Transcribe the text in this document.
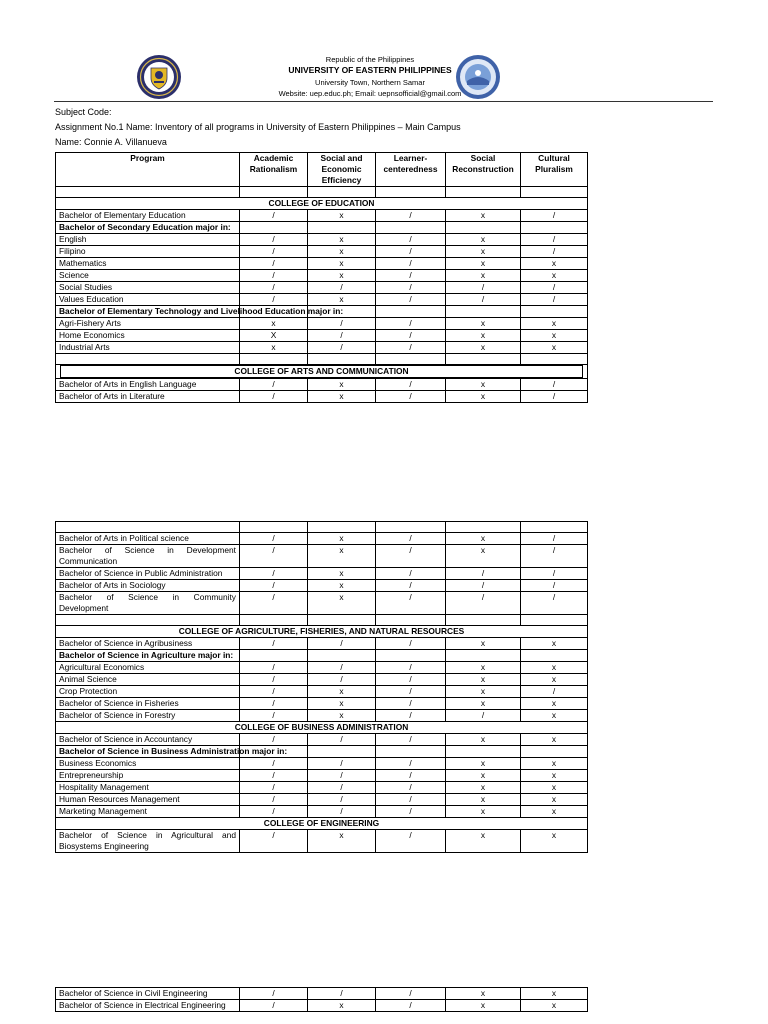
Republic of the Philippines
UNIVERSITY OF EASTERN PHILIPPINES
University Town, Northern Samar
Website: uep.educ.ph; Email: uepnsofficial@gmail.com
Subject Code:
Assignment No.1 Name: Inventory of all programs in University of Eastern Philippines – Main Campus
Name: Connie A. Villanueva
Program	Academic Rationalism	Social and Economic Efficiency	Learner-centeredness	Social Reconstruction	Cultural Pluralism

COLLEGE OF EDUCATION					
Bachelor of Elementary Education	/	x	/	x	/
Bachelor of Secondary Education major in:					
English	/	x	/	x	/
Filipino	/	x	/	x	/
Mathematics	/	x	/	x	x
Science	/	x	/	x	x
Social Studies	/	/	/	/	/
Values Education	/	x	/	/	/
Bachelor of Elementary Technology and Livelihood Education major in:					
Agri-Fishery Arts	x	/	/	x	x
Home Economics	X	/	/	x	x
Industrial Arts	x	/	/	x	x

COLLEGE OF ARTS AND COMMUNICATION					

Bachelor of Arts in English Language	/	x	/	x	/
Bachelor of Arts in Literature	/	x	/	x	/

Bachelor of Arts in Political science	/	x	/	x	/
Bachelor of Science in Development Communication	/	x	/	x	/
Bachelor of Science in Public Administration	/	x	/	/	/
Bachelor of Arts in Sociology	/	x	/	/	/
Bachelor of Science in Community Development	/	x	/	/	/

COLLEGE OF AGRICULTURE, FISHERIES, AND NATURAL RESOURCES					
Bachelor of Science in Agribusiness	/	/	/	x	x
Bachelor of Science in Agriculture major in:					
Agricultural Economics	/	/	/	x	x
Animal Science	/	/	/	x	x
Crop Protection	/	x	/	x	/
Bachelor of Science in Fisheries	/	x	/	x	x
Bachelor of Science in Forestry	/	x	/	/	x
COLLEGE OF BUSINESS ADMINISTRATION					
Bachelor of Science in Accountancy	/	/	/	x	x
Bachelor of Science in Business Administration major in:					
Business Economics	/	/	/	x	x
Entrepreneurship	/	/	/	x	x
Hospitality Management	/	/	/	x	x
Human Resources Management	/	/	/	x	x
Marketing Management	/	/	/	x	x
COLLEGE OF ENGINEERING					
Bachelor of Science in Agricultural and Biosystems Engineering	/	x	/	x	x
Bachelor of Science in Civil Engineering	/	/	/	x	x
Bachelor of Science in Electrical Engineering	/	x	/	x	x
